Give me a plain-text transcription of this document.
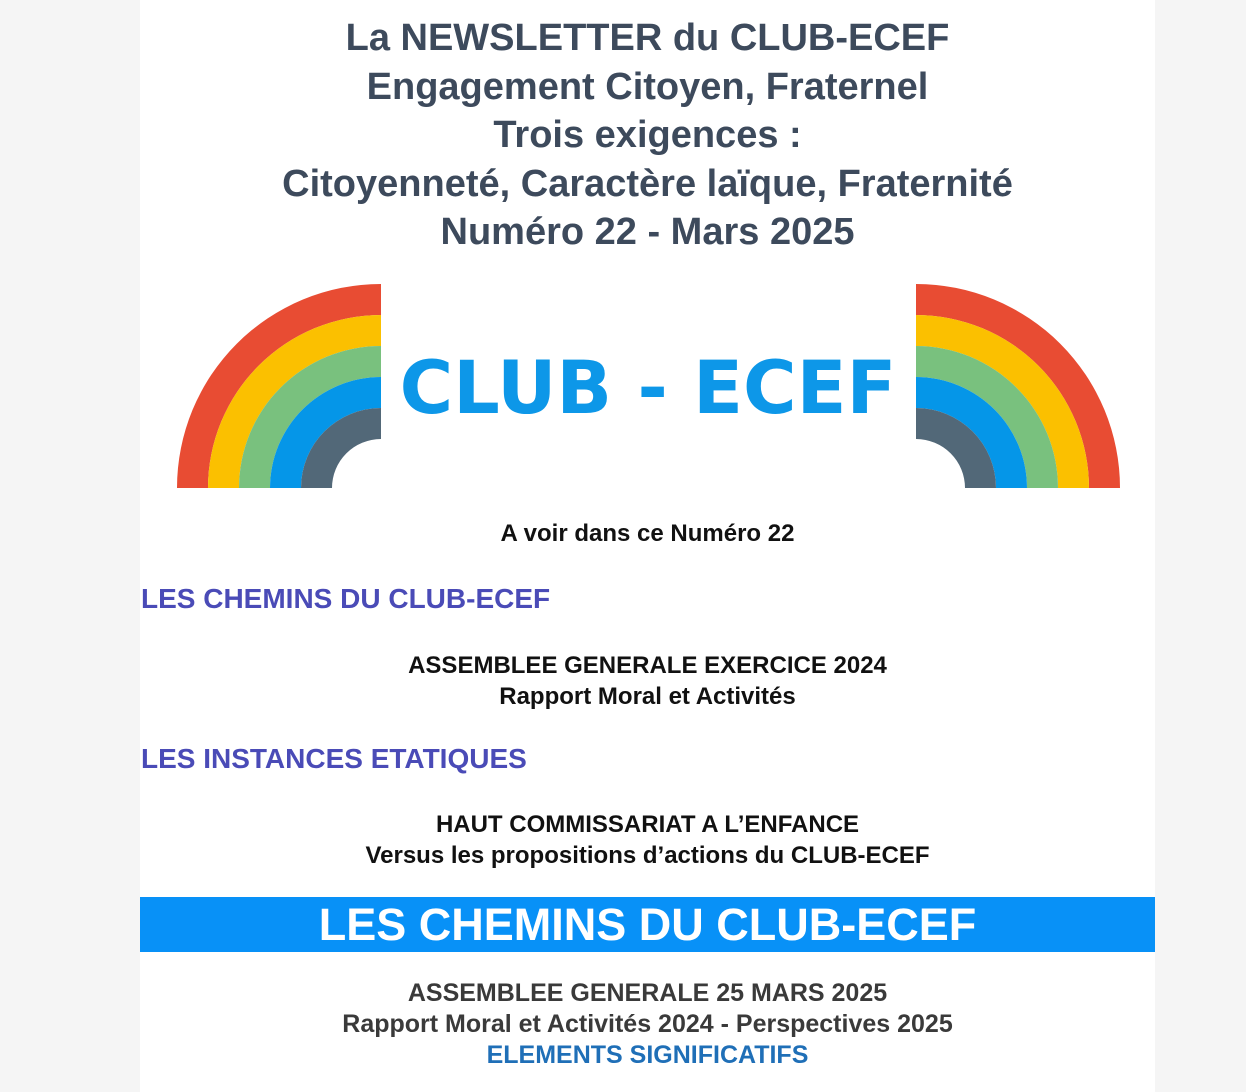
La NEWSLETTER du CLUB-ECEF
Engagement Citoyen, Fraternel
Trois exigences :
Citoyenneté, Caractère laïque, Fraternité
Numéro 22 - Mars 2025
CLUB - ECEF
A voir dans ce Numéro 22
LES CHEMINS DU CLUB-ECEF
ASSEMBLEE GENERALE EXERCICE 2024
Rapport Moral et Activités
LES INSTANCES ETATIQUES
HAUT COMMISSARIAT A L’ENFANCE
Versus les propositions d’actions du CLUB-ECEF
LES CHEMINS DU CLUB-ECEF
ASSEMBLEE GENERALE 25 MARS 2025
Rapport Moral et Activités 2024 - Perspectives 2025
ELEMENTS SIGNIFICATIFS
